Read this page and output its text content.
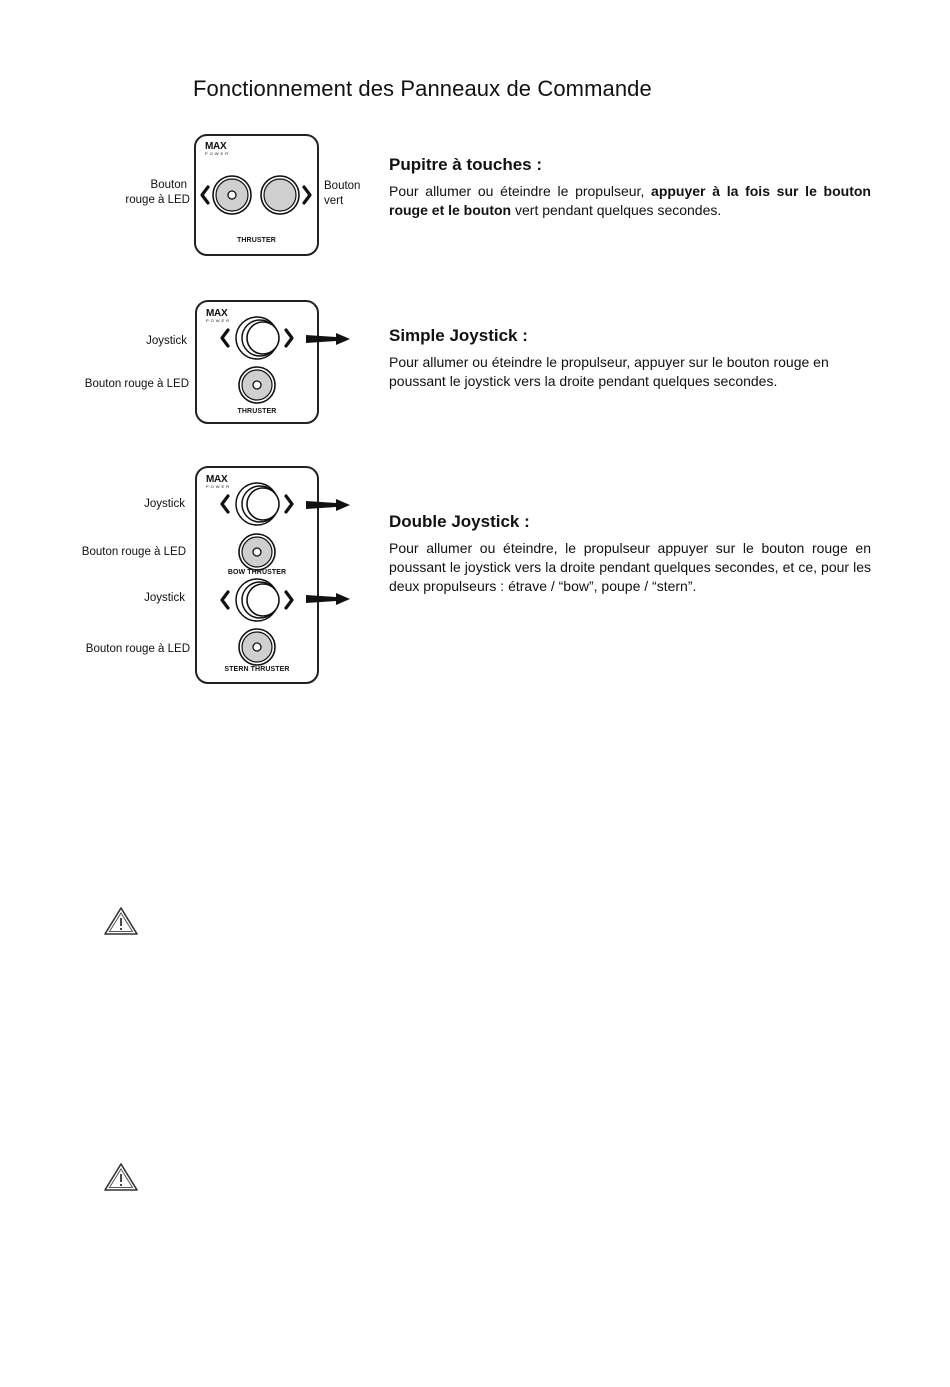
Fonctionnement des Panneaux de Commande
Bouton
rouge à LED
MAX
POWER
THRUSTER
Bouton
vert
Pupitre à touches :
Pour allumer ou éteindre le propulseur, appuyer à la fois sur le bouton rouge et le bouton vert pendant quelques secondes.
Joystick
Bouton rouge à LED
MAX
POWER
THRUSTER
Simple Joystick :
Pour allumer ou éteindre le propulseur, appuyer sur le bouton rouge en poussant le joystick vers la droite pendant quelques secondes.
Joystick
Bouton rouge à LED
Joystick
Bouton rouge à LED
MAX
POWER
BOW THRUSTER
STERN THRUSTER
Double Joystick :
Pour allumer ou éteindre, le propulseur appuyer sur le bouton rouge en poussant le joystick vers la droite pendant quelques secondes, et ce, pour les deux propulseurs : étrave / “bow”, poupe / “stern”.
